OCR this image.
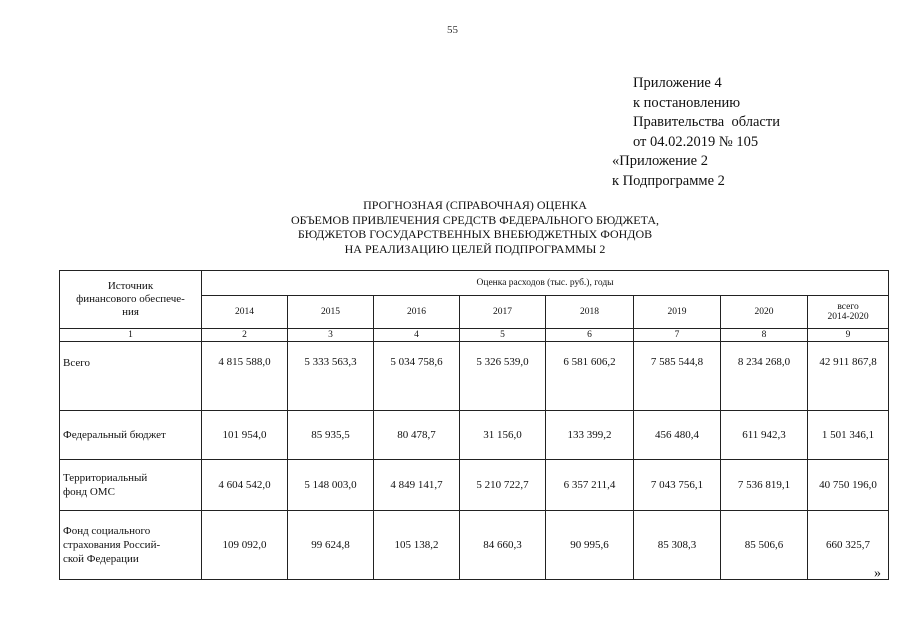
55
Приложение 4
к постановлению
Правительства  области
от 04.02.2019 № 105
«Приложение 2
к Подпрограмме 2
ПРОГНОЗНАЯ (СПРАВОЧНАЯ) ОЦЕНКА
ОБЪЕМОВ ПРИВЛЕЧЕНИЯ СРЕДСТВ ФЕДЕРАЛЬНОГО БЮДЖЕТА,
БЮДЖЕТОВ ГОСУДАРСТВЕННЫХ ВНЕБЮДЖЕТНЫХ ФОНДОВ
НА РЕАЛИЗАЦИЮ ЦЕЛЕЙ ПОДПРОГРАММЫ 2
Источник
финансового обеспече-
ния	Оценка расходов (тыс. руб.), годы							
	2014	2015	2016	2017	2018	2019	2020	всего
2014-2020

1	2	3	4	5	6	7	8	9

Всего	4 815 588,0	5 333 563,3	5 034 758,6	5 326 539,0	6 581 606,2	7 585 544,8	8 234 268,0	42 911 867,8

Федеральный бюджет	101 954,0	85 935,5	80 478,7	31 156,0	133 399,2	456 480,4	611 942,3	1 501 346,1

Территориальный
фонд ОМС	4 604 542,0	5 148 003,0	4 849 141,7	5 210 722,7	6 357 211,4	7 043 756,1	7 536 819,1	40 750 196,0

Фонд социального
страхования Россий-
ской Федерации	109 092,0	99 624,8	105 138,2	84 660,3	90 995,6	85 308,3	85 506,6	660 325,7
»
